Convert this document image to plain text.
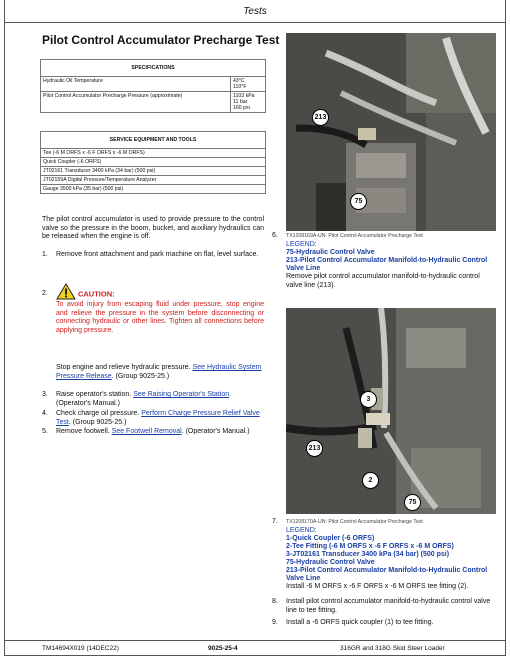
Tests
Pilot Control Accumulator Precharge Test
SPECIFICATIONS	
Hydraulic Oil Temperature	43°C
110°F

Pilot Control Accumulator Precharge Pressure (approximate)	1103 kPa
11 bar
160 psi
SERVICE EQUIPMENT AND TOOLS
Tee (-6 M ORFS x -6 F ORFS x -6 M ORFS)
Quick Coupler (-6 ORFS)
JT02161 Transducer 3400 kPa (34 bar) (500 psi)
JT02159A Digital Pressure/Temperature Analyzer
Gauge 3500 kPa (35 bar) (500 psi)
The pilot control accumulator is used to provide pressure to the control valve so the pressure in the boom, bucket, and auxiliary hydraulics can be released when the engine is off.
1. Remove front attachment and park machine on flat, level surface.
2.	CAUTION:
To avoid injury from escaping fluid under pressure, stop engine and relieve the pressure in the system before disconnecting or connecting hydraulic or other lines. Tighten all connections before applying pressure.
Stop engine and relieve hydraulic pressure. See Hydraulic System Pressure Release. (Group 9025-25.)
3. Raise operator's station. See Raising Operator's Station. (Operator's Manual.)
4. Check charge oil pressure. Perform Charge Pressure Relief Valve Test. (Group 9025-25.)
5. Remove footwell. See Footwell Removal. (Operator's Manual.)
213
75
6. TX1208169A-UN: Pilot Control Accumulator Precharge Test
LEGEND:
75-Hydraulic Control Valve
213-Pilot Control Accumulator Manifold-to-Hydraulic Control Valve Line
Remove pilot control accumulator manifold-to-hydraulic control valve line (213).
3
213
2
75
7. TX1208170A-UN: Pilot Control Accumulator Precharge Test
LEGEND:
1-Quick Coupler (-6 ORFS)
2-Tee Fitting (-6 M ORFS x -6 F ORFS x -6 M ORFS)
3-JT02161 Transducer 3400 kPa (34 bar) (500 psi)
75-Hydraulic Control Valve
213-Pilot Control Accumulator Manifold-to-Hydraulic Control Valve Line
Install -6 M ORFS x -6 F ORFS x -6 M ORFS tee fitting (2).
8. Install pilot control accumulator manifold-to-hydraulic control valve line to tee fitting.
9. Install a -6 ORFS quick coupler (1) to tee fitting.
TM14694X019 (14DEC22)	9025-25-4	316GR and 318G Skid Steer Loader
